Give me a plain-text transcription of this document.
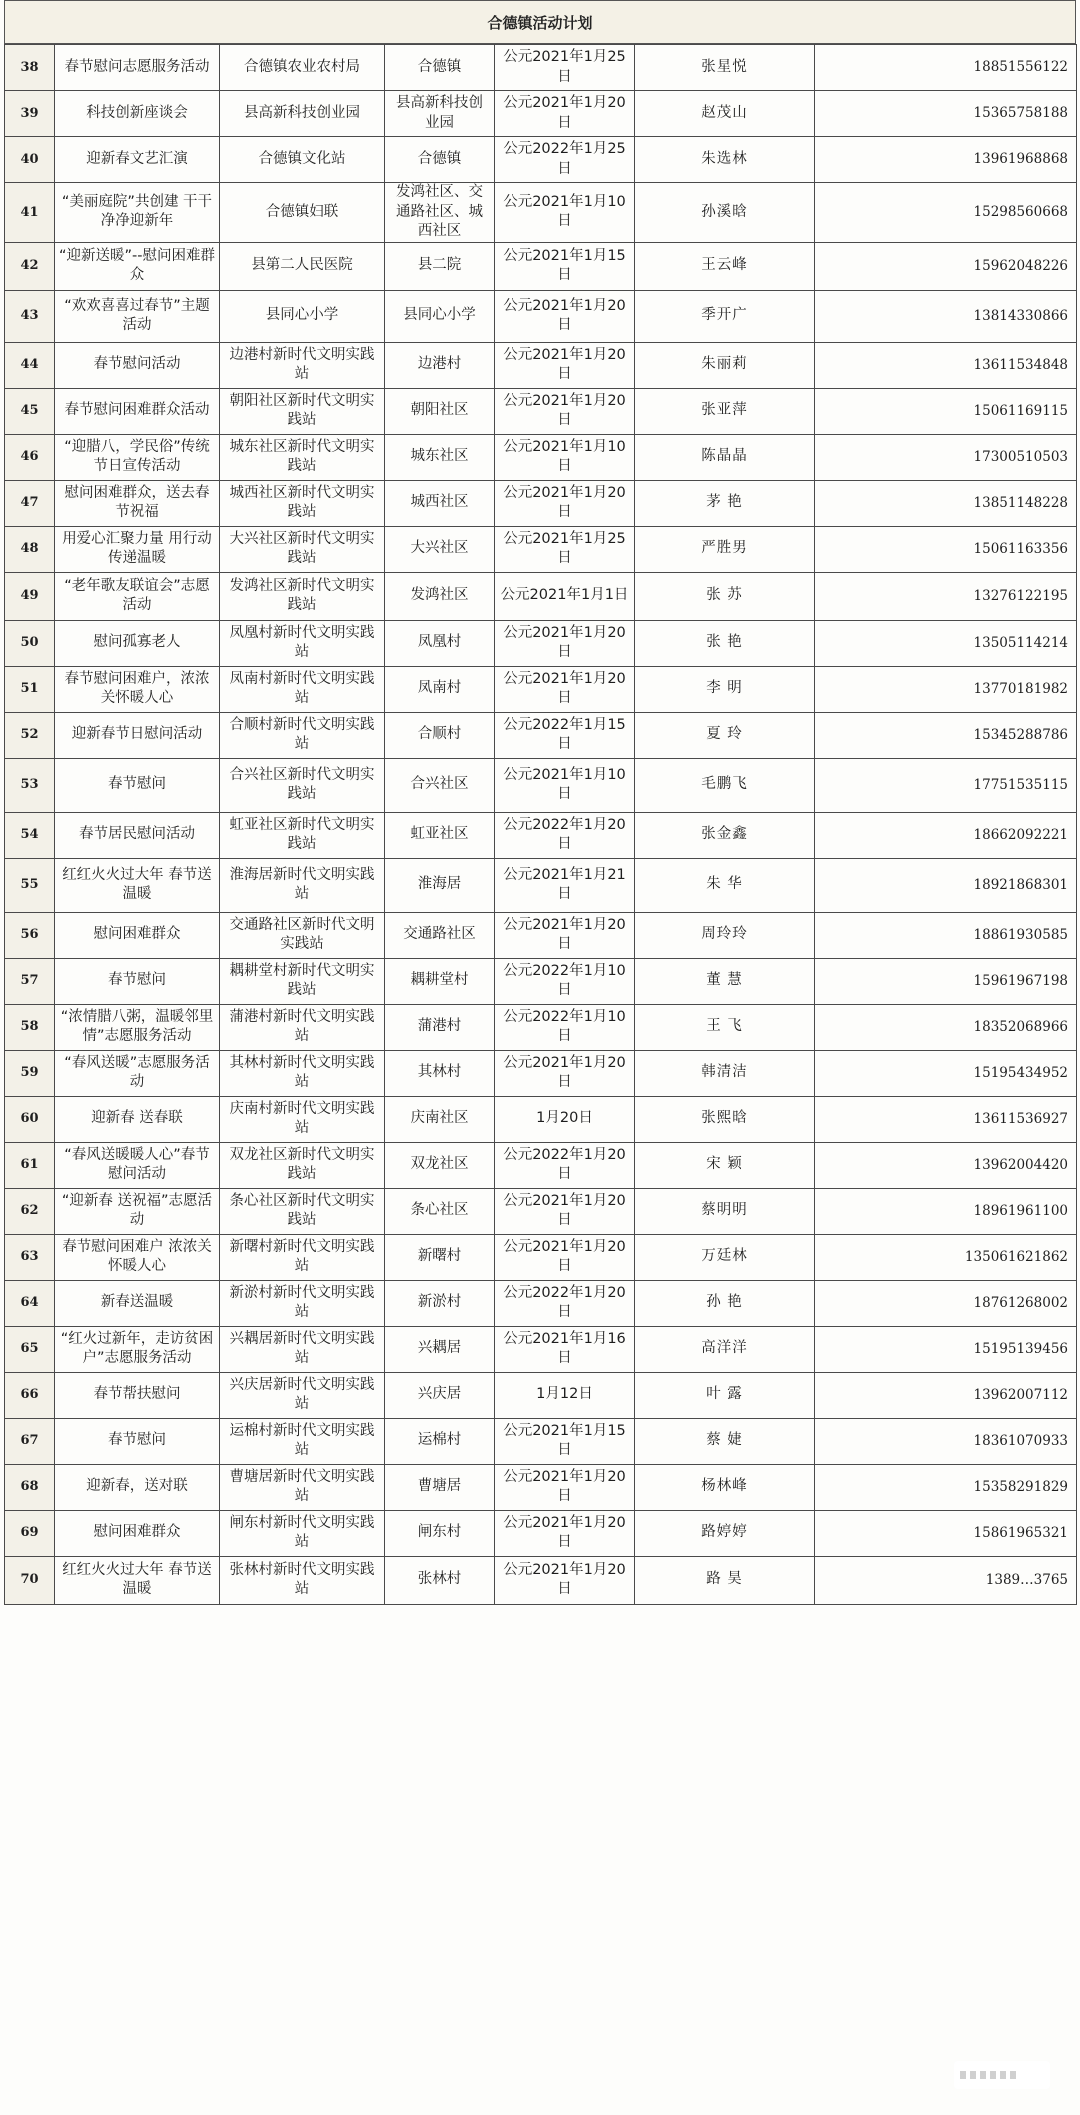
合德镇活动计划
38	春节慰问志愿服务活动	合德镇农业农村局	合德镇	公元2021年1月25日	张星悦	18851556122
39	科技创新座谈会	县高新科技创业园	县高新科技创业园	公元2021年1月20日	赵茂山	15365758188
40	迎新春文艺汇演	合德镇文化站	合德镇	公元2022年1月25日	朱选林	13961968868
41	“美丽庭院”共创建 干干净净迎新年	合德镇妇联	发鸿社区、交通路社区、城西社区	公元2021年1月10日	孙溪晗	15298560668
42	“迎新送暖”--慰问困难群众	县第二人民医院	县二院	公元2021年1月15日	王云峰	15962048226
43	“欢欢喜喜过春节”主题活动	县同心小学	县同心小学	公元2021年1月20日	季开广	13814330866
44	春节慰问活动	边港村新时代文明实践站	边港村	公元2021年1月20日	朱丽莉	13611534848
45	春节慰问困难群众活动	朝阳社区新时代文明实践站	朝阳社区	公元2021年1月20日	张亚萍	15061169115
46	“迎腊八，学民俗”传统节日宣传活动	城东社区新时代文明实践站	城东社区	公元2021年1月10日	陈晶晶	17300510503
47	慰问困难群众，送去春节祝福	城西社区新时代文明实践站	城西社区	公元2021年1月20日	茅 艳	13851148228
48	用爱心汇聚力量 用行动传递温暖	大兴社区新时代文明实践站	大兴社区	公元2021年1月25日	严胜男	15061163356
49	“老年歌友联谊会”志愿活动	发鸿社区新时代文明实践站	发鸿社区	公元2021年1月1日	张 苏	13276122195
50	慰问孤寡老人	凤凰村新时代文明实践站	凤凰村	公元2021年1月20日	张 艳	13505114214
51	春节慰问困难户，浓浓关怀暖人心	凤南村新时代文明实践站	凤南村	公元2021年1月20日	李 明	13770181982
52	迎新春节日慰问活动	合顺村新时代文明实践站	合顺村	公元2022年1月15日	夏 玲	15345288786
53	春节慰问	合兴社区新时代文明实践站	合兴社区	公元2021年1月10日	毛鹏飞	17751535115
54	春节居民慰问活动	虹亚社区新时代文明实践站	虹亚社区	公元2022年1月20日	张金鑫	18662092221
55	红红火火过大年 春节送温暖	淮海居新时代文明实践站	淮海居	公元2021年1月21日	朱 华	18921868301
56	慰问困难群众	交通路社区新时代文明实践站	交通路社区	公元2021年1月20日	周玲玲	18861930585
57	春节慰问	耦耕堂村新时代文明实践站	耦耕堂村	公元2022年1月10日	董 慧	15961967198
58	“浓情腊八粥，温暖邻里情”志愿服务活动	蒲港村新时代文明实践站	蒲港村	公元2022年1月10日	王 飞	18352068966
59	“春风送暖”志愿服务活动	其林村新时代文明实践站	其林村	公元2021年1月20日	韩清洁	15195434952
60	迎新春 送春联	庆南村新时代文明实践站	庆南社区	1月20日	张熙晗	13611536927
61	“春风送暖暖人心”春节慰问活动	双龙社区新时代文明实践站	双龙社区	公元2022年1月20日	宋 颖	13962004420
62	“迎新春 送祝福”志愿活动	条心社区新时代文明实践站	条心社区	公元2021年1月20日	蔡明明	18961961100
63	春节慰问困难户 浓浓关怀暖人心	新曙村新时代文明实践站	新曙村	公元2021年1月20日	万廷林	135061621862
64	新春送温暖	新淤村新时代文明实践站	新淤村	公元2022年1月20日	孙 艳	18761268002
65	“红火过新年，走访贫困户”志愿服务活动	兴耦居新时代文明实践站	兴耦居	公元2021年1月16日	高洋洋	15195139456
66	春节帮扶慰问	兴庆居新时代文明实践站	兴庆居	1月12日	叶 露	13962007112
67	春节慰问	运棉村新时代文明实践站	运棉村	公元2021年1月15日	蔡 婕	18361070933
68	迎新春，送对联	曹塘居新时代文明实践站	曹塘居	公元2021年1月20日	杨林峰	15358291829
69	慰问困难群众	闸东村新时代文明实践站	闸东村	公元2021年1月20日	路婷婷	15861965321
70	红红火火过大年 春节送温暖	张林村新时代文明实践站	张林村	公元2021年1月20日	路 昊	1389…3765
